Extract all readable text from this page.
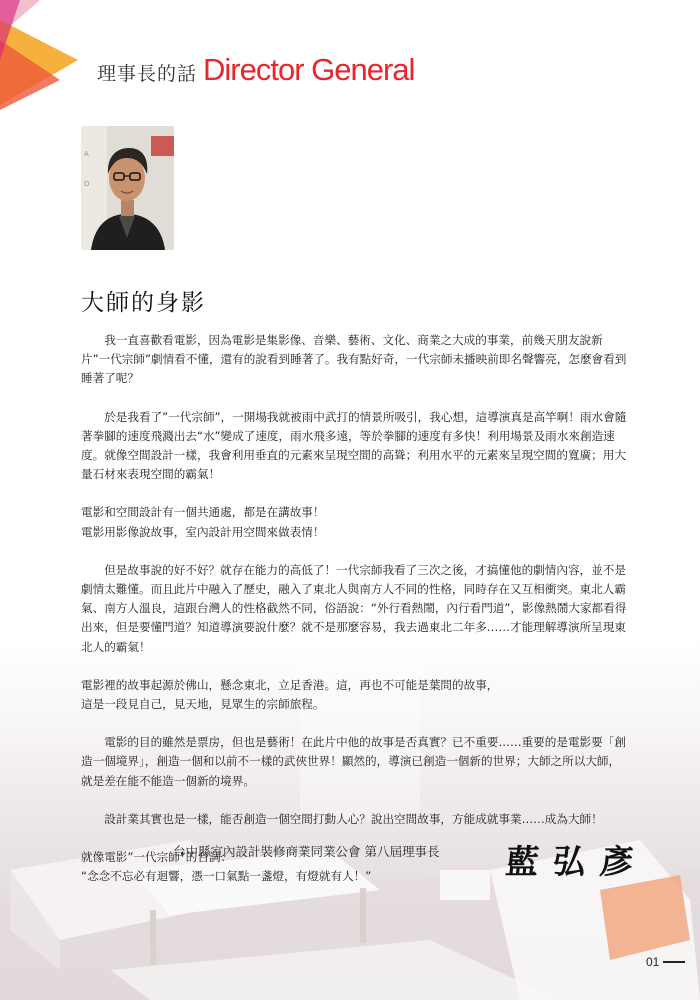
理事長的話 Director General
A
O
大師的身影

我一直喜歡看電影，因為電影是集影像、音樂、藝術、文化、商業之大成的事業，前幾天朋友說新片”一代宗師”劇情看不懂，還有的說看到睡著了。我有點好奇，一代宗師未播映前即名聲響亮，怎麼會看到睡著了呢？

於是我看了”一代宗師”，一開場我就被雨中武打的情景所吸引，我心想，這導演真是高竿啊！雨水會隨著拳腳的速度飛濺出去“水”變成了速度，雨水飛多遠，等於拳腳的速度有多快！利用場景及雨水來創造速度。就像空間設計一樣，我會利用垂直的元素來呈現空間的高聳；利用水平的元素來呈現空間的寬廣；用大量石材來表現空間的霸氣！

電影和空間設計有一個共通處，都是在講故事！
電影用影像說故事，室內設計用空間來做表情！

但是故事說的好不好？就存在能力的高低了！一代宗師我看了三次之後，才搞懂他的劇情內容，並不是劇情太難懂。而且此片中融入了歷史，融入了東北人與南方人不同的性格，同時存在又互相衝突。東北人霸氣、南方人溫良，這跟台灣人的性格截然不同，俗語說：“外行看熱鬧，內行看門道”，影像熱鬧大家都看得出來，但是要懂門道？知道導演要說什麼？就不是那麼容易，我去過東北二年多……才能理解導演所呈現東北人的霸氣！

電影裡的故事起源於佛山，懸念東北，立足香港。這，再也不可能是葉問的故事，
這是一段見自己，見天地，見眾生的宗師旅程。

電影的目的雖然是票房，但也是藝術！在此片中他的故事是否真實？已不重要……重要的是電影要「創造一個境界」，創造一個和以前不一樣的武俠世界！顯然的，導演已創造一個新的世界；大師之所以大師，就是差在能不能造一個新的境界。

設計業其實也是一樣，能否創造一個空間打動人心？說出空間故事，方能成就事業……成為大師！

就像電影”一代宗師”的台詞：
“念念不忘必有迴響，憑一口氣點一盞燈，有燈就有人！”

台中縣室內設計裝修商業同業公會 第八屆理事長 藍弘彥
01
